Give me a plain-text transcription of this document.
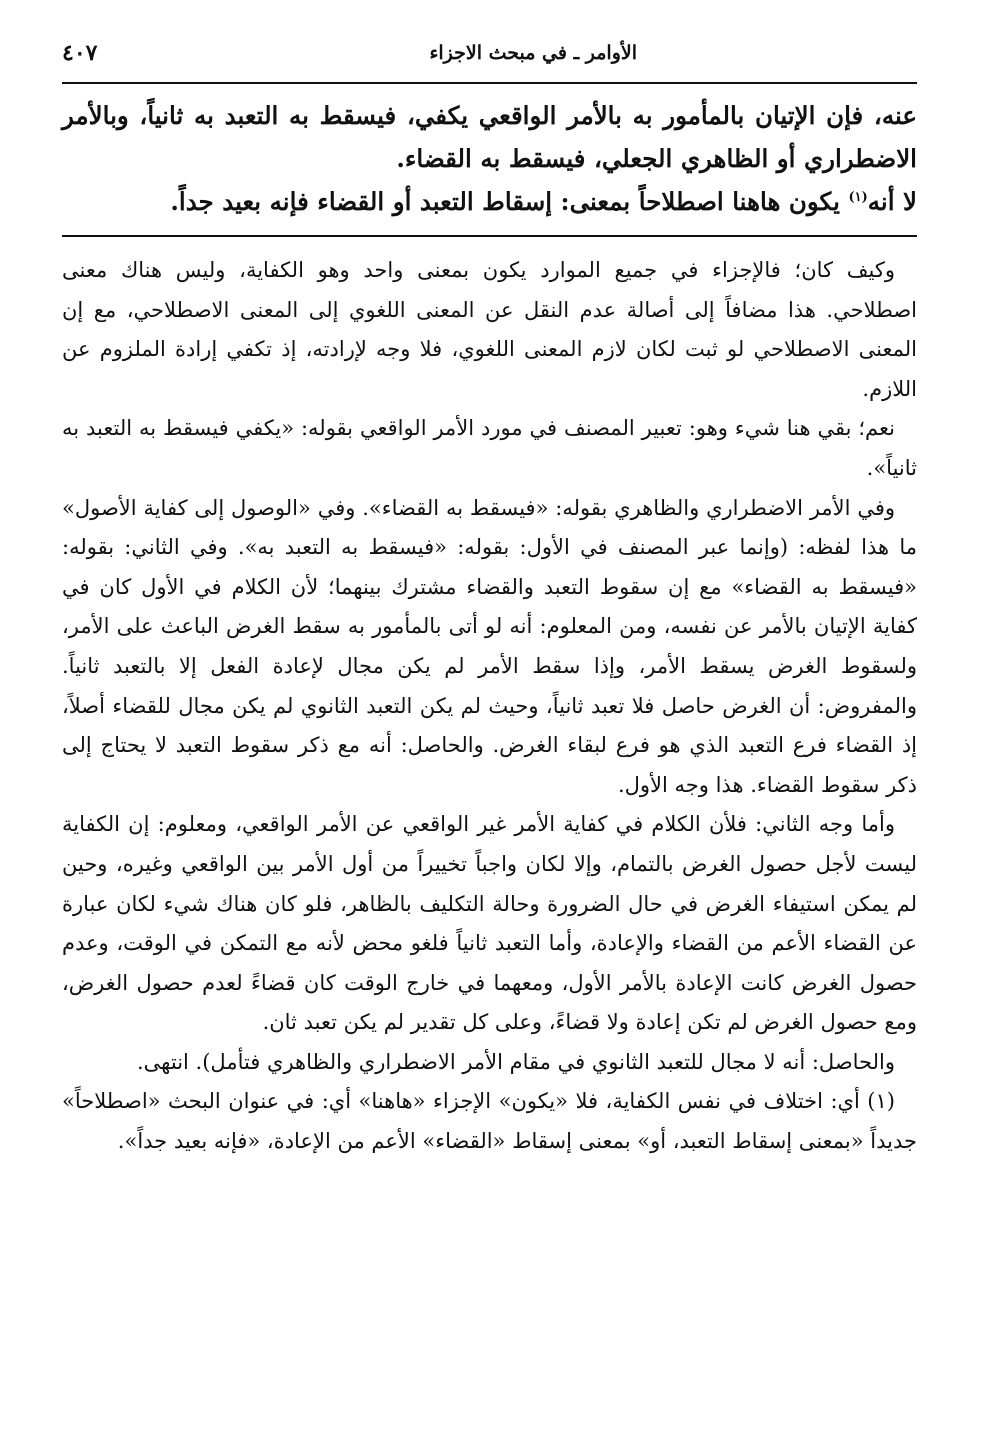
الأوامر ـ في مبحث الاجزاء
٤٠٧

عنه، فإن الإتيان بالمأمور به بالأمر الواقعي يكفي، فيسقط به التعبد به ثانياً، وبالأمر الاضطراري أو الظاهري الجعلي، فيسقط به القضاء.

لا أنه$^{(١)}$ يكون هاهنا اصطلاحاً بمعنى: إسقاط التعبد أو القضاء فإنه بعيد جداً.

وكيف كان؛ فالإجزاء في جميع الموارد يكون بمعنى واحد وهو الكفاية، وليس هناك معنى اصطلاحي. هذا مضافاً إلى أصالة عدم النقل عن المعنى اللغوي إلى المعنى الاصطلاحي، مع إن المعنى الاصطلاحي لو ثبت لكان لازم المعنى اللغوي، فلا وجه لإرادته، إذ تكفي إرادة الملزوم عن اللازم.

نعم؛ بقي هنا شيء وهو: تعبير المصنف في مورد الأمر الواقعي بقوله: «يكفي فيسقط به التعبد به ثانياً».

وفي الأمر الاضطراري والظاهري بقوله: «فيسقط به القضاء». وفي «الوصول إلى كفاية الأصول» ما هذا لفظه: (وإنما عبر المصنف في الأول: بقوله: «فيسقط به التعبد به». وفي الثاني: بقوله: «فيسقط به القضاء» مع إن سقوط التعبد والقضاء مشترك بينهما؛ لأن الكلام في الأول كان في كفاية الإتيان بالأمر عن نفسه، ومن المعلوم: أنه لو أتى بالمأمور به سقط الغرض الباعث على الأمر، ولسقوط الغرض يسقط الأمر، وإذا سقط الأمر لم يكن مجال لإعادة الفعل إلا بالتعبد ثانياً. والمفروض: أن الغرض حاصل فلا تعبد ثانياً، وحيث لم يكن التعبد الثانوي لم يكن مجال للقضاء أصلاً، إذ القضاء فرع التعبد الذي هو فرع لبقاء الغرض. والحاصل: أنه مع ذكر سقوط التعبد لا يحتاج إلى ذكر سقوط القضاء. هذا وجه الأول.

وأما وجه الثاني: فلأن الكلام في كفاية الأمر غير الواقعي عن الأمر الواقعي، ومعلوم: إن الكفاية ليست لأجل حصول الغرض بالتمام، وإلا لكان واجباً تخييراً من أول الأمر بين الواقعي وغيره، وحين لم يمكن استيفاء الغرض في حال الضرورة وحالة التكليف بالظاهر، فلو كان هناك شيء لكان عبارة عن القضاء الأعم من القضاء والإعادة، وأما التعبد ثانياً فلغو محض لأنه مع التمكن في الوقت، وعدم حصول الغرض كانت الإعادة بالأمر الأول، ومعهما في خارج الوقت كان قضاءً لعدم حصول الغرض، ومع حصول الغرض لم تكن إعادة ولا قضاءً، وعلى كل تقدير لم يكن تعبد ثان.

والحاصل: أنه لا مجال للتعبد الثانوي في مقام الأمر الاضطراري والظاهري فتأمل). انتهى.

(١) أي: اختلاف في نفس الكفاية، فلا «يكون» الإجزاء «هاهنا» أي: في عنوان البحث «اصطلاحاً» جديداً «بمعنى إسقاط التعبد، أو» بمعنى إسقاط «القضاء» الأعم من الإعادة، «فإنه بعيد جداً».
